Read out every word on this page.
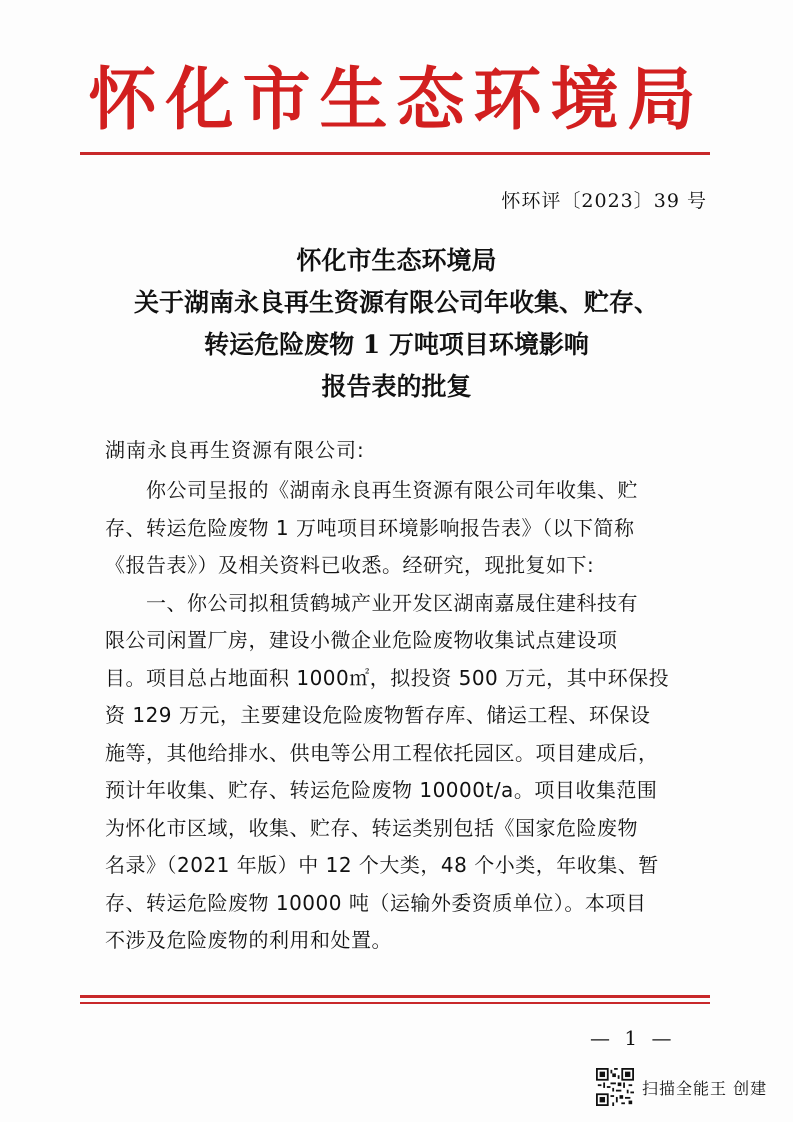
怀化市生态环境局
怀环评〔2023〕39 号
怀化市生态环境局
关于湖南永良再生资源有限公司年收集、贮存、
转运危险废物 1 万吨项目环境影响
报告表的批复
湖南永良再生资源有限公司:
　　你公司呈报的《湖南永良再生资源有限公司年收集、贮
存、转运危险废物 1 万吨项目环境影响报告表》（以下简称
《报告表》）及相关资料已收悉。经研究，现批复如下:
　　一、你公司拟租赁鹤城产业开发区湖南嘉晟住建科技有
限公司闲置厂房，建设小微企业危险废物收集试点建设项
目。项目总占地面积 1000㎡，拟投资 500 万元，其中环保投
资 129 万元，主要建设危险废物暂存库、储运工程、环保设
施等，其他给排水、供电等公用工程依托园区。项目建成后，
预计年收集、贮存、转运危险废物 10000t/a。项目收集范围
为怀化市区域，收集、贮存、转运类别包括《国家危险废物
名录》（2021 年版）中 12 个大类，48 个小类，年收集、暂
存、转运危险废物 10000 吨（运输外委资质单位）。本项目
不涉及危险废物的利用和处置。
— 1 —
扫描全能王 创建
